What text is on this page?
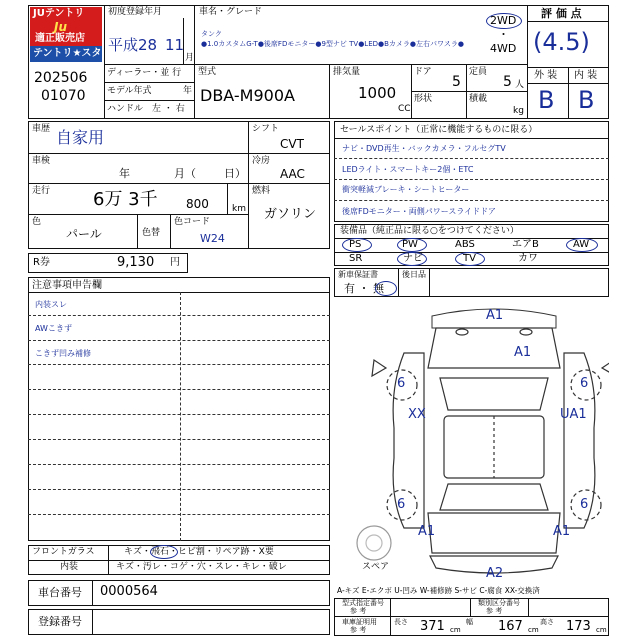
JUテントリ
Ju
適正販売店
テントリ★スター
202506
01070
初度登録年月
平成28 11
月
車名・グレード
タンク
●1.0カスタムG-T●後席FDモニター●9型ナビ TV●LED●Bカメラ●左右パワスラ●
2WD
・
4WD
ディーラー・並 行
モデル年式	年
ハンドル 左 ・ 右
型式
DBA-M900A
排気量
1000
CC
ドア
5
定員
5 人
形状	積載
kg
評 価 点
(4.5)
外 装 内 装
B B
車歴 自家用
車検
年	月（	日）
走行 6万 3千 800	km
色
パール	色替
色コード
W24
シフト
CVT
冷房
AAC
燃料
ガソリン
R券	9,130 円
注意事項申告欄
内装スレ
AWこきず
こきず凹み補修
セールスポイント（正常に機能するものに限る）
ナビ・DVD再生・バックカメラ・フルセグTV
LEDライト・スマートキー2個・ETC
衝突軽減ブレーキ・シートヒーター
後席FDモニター・両側パワースライドドア
装備品（純正品に限る○をつけてください）
PS	PW	ABS	エアB	AW
SR	ナビ	TV	カワ
新車保証書
有 ・ 無
後日品
A1
A1
6	6
XX	UA1
6	6
A1	A1
A2
スペア
フロントガラス	キズ・飛石・ヒビ割・リペア跡・X要
内装	キズ・汚レ・コゲ・穴・スレ・キレ・破レ
車台番号 0000564
登録番号
A-キズ E-エクボ U-凹み W-補修跡 S-サビ C-腐食 XX-交換済
型式指定番号
参 考
類別区分番号
参 考
車庫証明用
参 考
長さ 371 cm
幅 167 cm
高さ 173 cm
